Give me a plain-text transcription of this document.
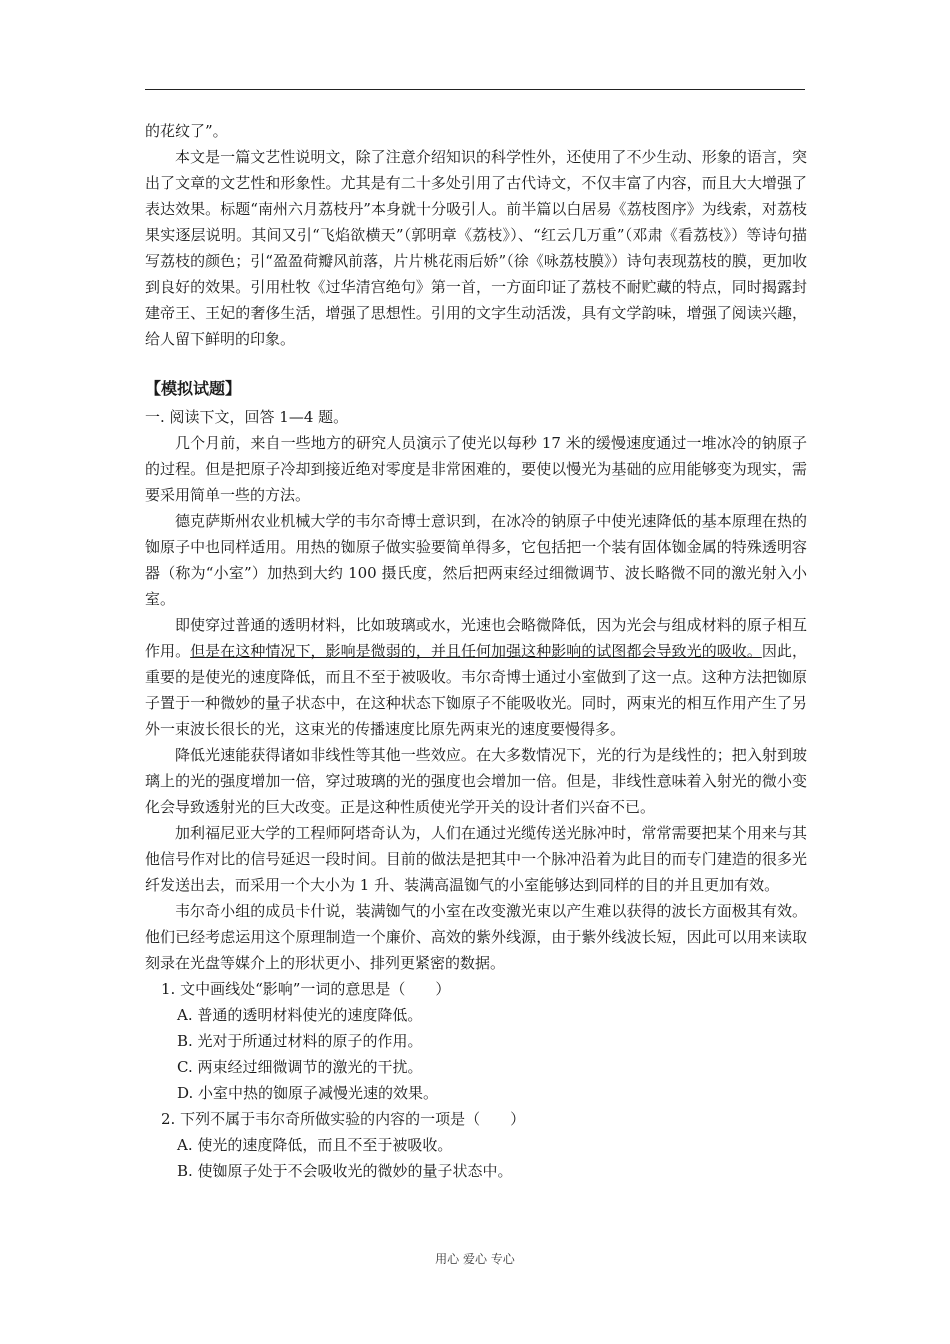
的花纹了”。

本文是一篇文艺性说明文，除了注意介绍知识的科学性外，还使用了不少生动、形象的语言，突出了文章的文艺性和形象性。尤其是有二十多处引用了古代诗文，不仅丰富了内容，而且大大增强了表达效果。标题“南州六月荔枝丹”本身就十分吸引人。前半篇以白居易《荔枝图序》为线索，对荔枝果实逐层说明。其间又引“飞焰欲横天”（郭明章《荔枝》）、“红云几万重”（邓肃《看荔枝》）等诗句描写荔枝的颜色；引“盈盈荷瓣风前落，片片桃花雨后娇”（徐《咏荔枝膜》）诗句表现荔枝的膜，更加收到良好的效果。引用杜牧《过华清宫绝句》第一首，一方面印证了荔枝不耐贮藏的特点，同时揭露封建帝王、王妃的奢侈生活，增强了思想性。引用的文字生动活泼，具有文学韵味，增强了阅读兴趣，给人留下鲜明的印象。

【模拟试题】

一. 阅读下文，回答 1—4 题。

几个月前，来自一些地方的研究人员演示了使光以每秒 17 米的缓慢速度通过一堆冰冷的钠原子的过程。但是把原子冷却到接近绝对零度是非常困难的，要使以慢光为基础的应用能够变为现实，需要采用简单一些的方法。

德克萨斯州农业机械大学的韦尔奇博士意识到，在冰冷的钠原子中使光速降低的基本原理在热的铷原子中也同样适用。用热的铷原子做实验要简单得多，它包括把一个装有固体铷金属的特殊透明容器（称为“小室”）加热到大约 100 摄氏度，然后把两束经过细微调节、波长略微不同的激光射入小室。

即使穿过普通的透明材料，比如玻璃或水，光速也会略微降低，因为光会与组成材料的原子相互作用。但是在这种情况下，影响是微弱的，并且任何加强这种影响的试图都会导致光的吸收。因此，重要的是使光的速度降低，而且不至于被吸收。韦尔奇博士通过小室做到了这一点。这种方法把铷原子置于一种微妙的量子状态中，在这种状态下铷原子不能吸收光。同时，两束光的相互作用产生了另外一束波长很长的光，这束光的传播速度比原先两束光的速度要慢得多。

降低光速能获得诸如非线性等其他一些效应。在大多数情况下，光的行为是线性的；把入射到玻璃上的光的强度增加一倍，穿过玻璃的光的强度也会增加一倍。但是，非线性意味着入射光的微小变化会导致透射光的巨大改变。正是这种性质使光学开关的设计者们兴奋不已。

加利福尼亚大学的工程师阿塔奇认为，人们在通过光缆传送光脉冲时，常常需要把某个用来与其他信号作对比的信号延迟一段时间。目前的做法是把其中一个脉冲沿着为此目的而专门建造的很多光纤发送出去，而采用一个大小为 1 升、装满高温铷气的小室能够达到同样的目的并且更加有效。

韦尔奇小组的成员卡什说，装满铷气的小室在改变激光束以产生难以获得的波长方面极其有效。他们已经考虑运用这个原理制造一个廉价、高效的紫外线源，由于紫外线波长短，因此可以用来读取刻录在光盘等媒介上的形状更小、排列更紧密的数据。

1. 文中画线处“影响”一词的意思是（　　）

A. 普通的透明材料使光的速度降低。

B. 光对于所通过材料的原子的作用。

C. 两束经过细微调节的激光的干扰。

D. 小室中热的铷原子减慢光速的效果。

2. 下列不属于韦尔奇所做实验的内容的一项是（　　）

A. 使光的速度降低，而且不至于被吸收。

B. 使铷原子处于不会吸收光的微妙的量子状态中。

用心 爱心 专心
